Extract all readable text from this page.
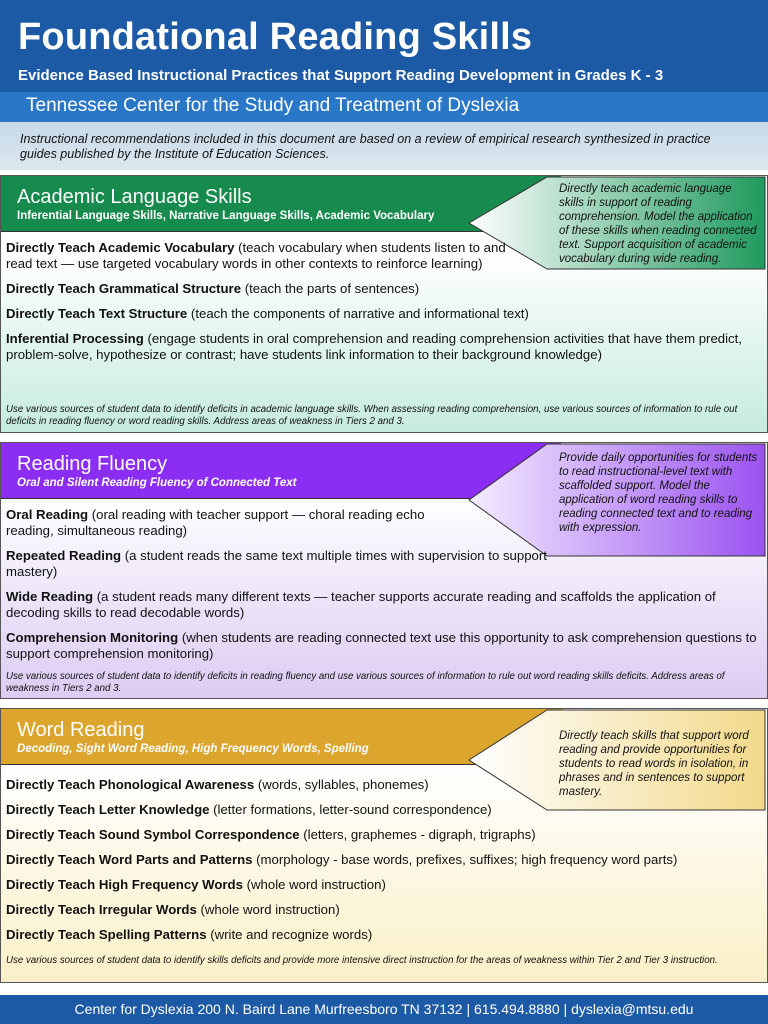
Foundational Reading Skills
Evidence Based Instructional Practices that Support Reading Development in Grades K - 3
Tennessee Center for the Study and Treatment of Dyslexia

Instructional recommendations included in this document are based on a review of empirical research synthesized in practice guides published by the Institute of Education Sciences.

Academic Language Skills
Inferential Language Skills, Narrative Language Skills, Academic Vocabulary
Directly teach academic language skills in support of reading comprehension. Model the application of these skills when reading connected text. Support acquisition of academic vocabulary during wide reading.
Directly Teach Academic Vocabulary (teach vocabulary when students listen to and read text — use targeted vocabulary words in other contexts to reinforce learning)
Directly Teach Grammatical Structure (teach the parts of sentences)
Directly Teach Text Structure (teach the components of narrative and informational text)
Inferential Processing (engage students in oral comprehension and reading comprehension activities that have them predict, problem-solve, hypothesize or contrast; have students link information to their background knowledge)
Use various sources of student data to identify deficits in academic language skills. When assessing reading comprehension, use various sources of information to rule out deficits in reading fluency or word reading skills. Address areas of weakness in Tiers 2 and 3.
Reading Fluency
Oral and Silent Reading Fluency of Connected Text
Provide daily opportunities for students to read instructional-level text with scaffolded support. Model the application of word reading skills to reading connected text and to reading with expression.
Oral Reading (oral reading with teacher support — choral reading echo reading, simultaneous reading)
Repeated Reading (a student reads the same text multiple times with supervision to support mastery)
Wide Reading (a student reads many different texts — teacher supports accurate reading and scaffolds the application of decoding skills to read decodable words)
Comprehension Monitoring (when students are reading connected text use this opportunity to ask comprehension questions to support comprehension monitoring)
Use various sources of student data to identify deficits in reading fluency and use various sources of information to rule out word reading skills deficits. Address areas of weakness in Tiers 2 and 3.
Word Reading
Decoding, Sight Word Reading, High Frequency Words, Spelling
Directly teach skills that support word reading and provide opportunities for students to read words in isolation, in phrases and in sentences to support mastery.
Directly Teach Phonological Awareness (words, syllables, phonemes)
Directly Teach Letter Knowledge (letter formations, letter-sound correspondence)
Directly Teach Sound Symbol Correspondence (letters, graphemes - digraph, trigraphs)
Directly Teach Word Parts and Patterns (morphology - base words, prefixes, suffixes; high frequency word parts)
Directly Teach High Frequency Words (whole word instruction)
Directly Teach Irregular Words (whole word instruction)
Directly Teach Spelling Patterns (write and recognize words)
Use various sources of student data to identify skills deficits and provide more intensive direct instruction for the areas of weakness within Tier 2 and Tier 3 instruction.
Center for Dyslexia 200 N. Baird Lane Murfreesboro TN 37132 | 615.494.8880 | dyslexia@mtsu.edu
